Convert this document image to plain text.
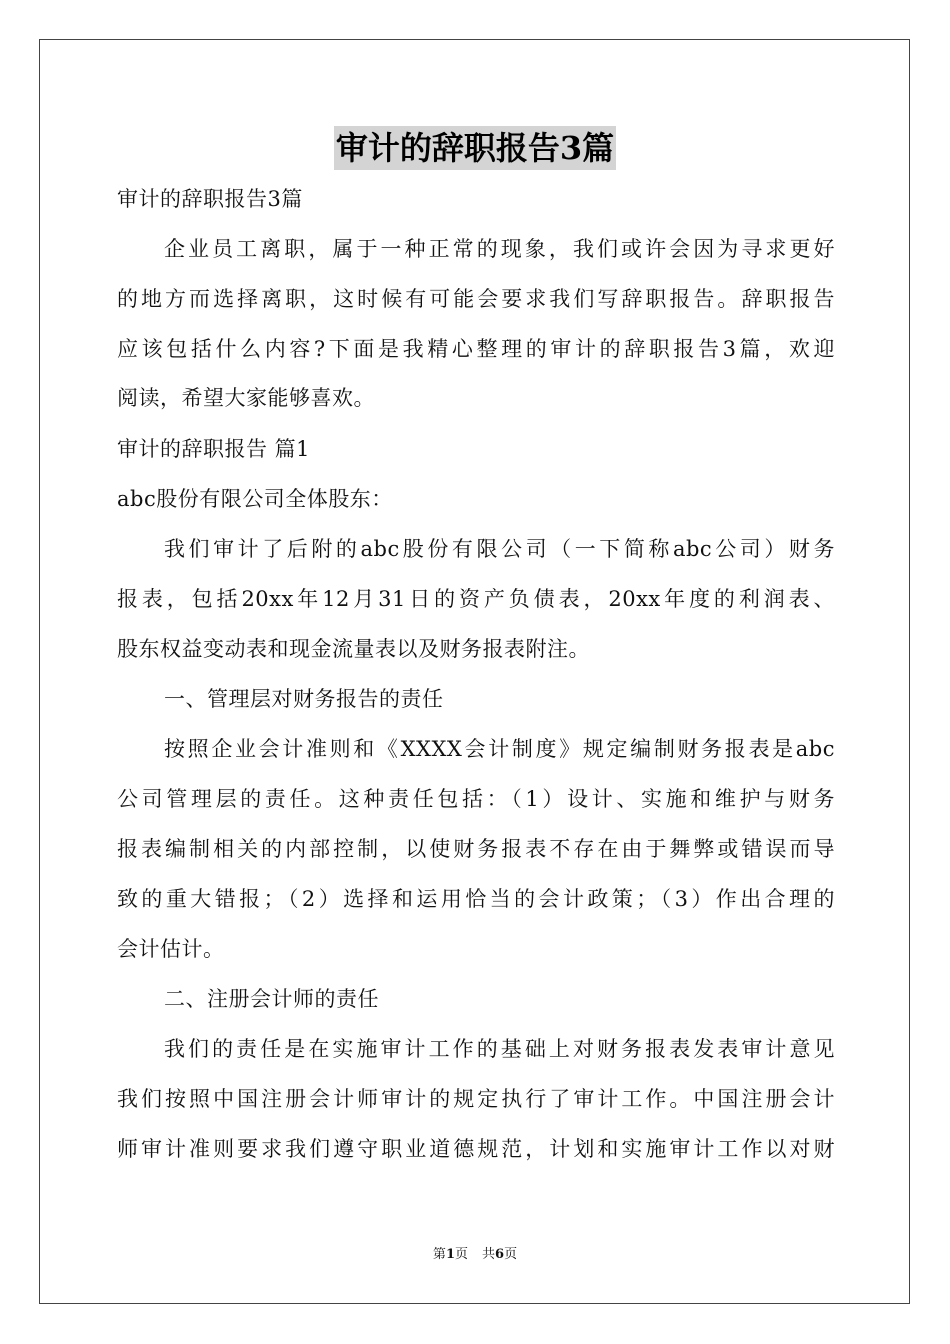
审计的辞职报告3篇
审计的辞职报告3篇
企业员工离职，属于一种正常的现象，我们或许会因为寻求更好
的地方而选择离职，这时候有可能会要求我们写辞职报告。辞职报告
应该包括什么内容?下面是我精心整理的审计的辞职报告3篇，欢迎
阅读，希望大家能够喜欢。
审计的辞职报告 篇1
abc股份有限公司全体股东：
我们审计了后附的abc股份有限公司（一下简称abc公司）财务
报表，包括20xx年12月31日的资产负债表，20xx年度的利润表、
股东权益变动表和现金流量表以及财务报表附注。
一、管理层对财务报告的责任
按照企业会计准则和《XXXX会计制度》规定编制财务报表是abc
公司管理层的责任。这种责任包括：（1）设计、实施和维护与财务
报表编制相关的内部控制，以使财务报表不存在由于舞弊或错误而导
致的重大错报；（2）选择和运用恰当的会计政策；（3）作出合理的
会计估计。
二、注册会计师的责任
我们的责任是在实施审计工作的基础上对财务报表发表审计意见
我们按照中国注册会计师审计的规定执行了审计工作。中国注册会计
师审计准则要求我们遵守职业道德规范，计划和实施审计工作以对财
第1页 共6页
